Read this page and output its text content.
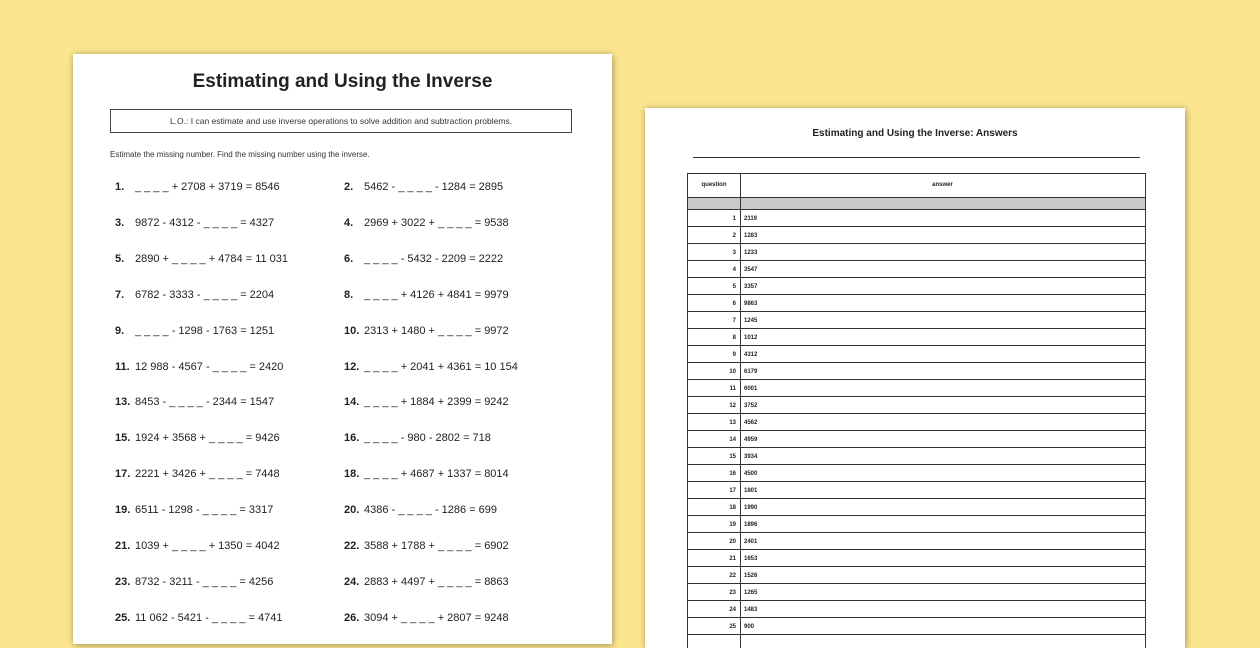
Estimating and Using the Inverse
L.O.: I can estimate and use inverse operations to solve addition and subtraction problems.
Estimate the missing number. Find the missing number using the inverse.
1. _ _ _ _ + 2708 + 3719 = 8546	2. 5462 - _ _ _ _ - 1284 = 2895
3. 9872 - 4312 - _ _ _ _ = 4327	4. 2969 + 3022 + _ _ _ _ = 9538
5. 2890 + _ _ _ _ + 4784 = 11 031	6. _ _ _ _ - 5432 - 2209 = 2222
7. 6782 - 3333 - _ _ _ _ = 2204	8. _ _ _ _ + 4126 + 4841 = 9979
9. _ _ _ _ - 1298 - 1763 = 1251	10. 2313 + 1480 + _ _ _ _ = 9972
11. 12 988 - 4567 - _ _ _ _ = 2420	12. _ _ _ _ + 2041 + 4361 = 10 154
13. 8453 - _ _ _ _ - 2344 = 1547	14. _ _ _ _ + 1884 + 2399 = 9242
15. 1924 + 3568 + _ _ _ _ = 9426	16. _ _ _ _ - 980 - 2802 = 718
17. 2221 + 3426 + _ _ _ _ = 7448	18. _ _ _ _ + 4687 + 1337 = 8014
19. 6511 - 1298 - _ _ _ _ = 3317	20. 4386 - _ _ _ _ - 1286 = 699
21. 1039 + _ _ _ _ + 1350 = 4042	22. 3588 + 1788 + _ _ _ _ = 6902
23. 8732 - 3211 - _ _ _ _ = 4256	24. 2883 + 4497 + _ _ _ _ = 8863
25. 11 062 - 5421 - _ _ _ _ = 4741	26. 3094 + _ _ _ _ + 2807 = 9248
Estimating and Using the Inverse: Answers
question	answer
1 2119
2 1283
3 1233
4 3547
5 3357
6 9863
7 1245
8 1012
9 4312
10 6179
11 6001
12 3752
13 4562
14 4959
15 3934
16 4500
17 1801
18 1990
19 1896
20 2401
21 1653
22 1526
23 1265
24 1483
25 900
